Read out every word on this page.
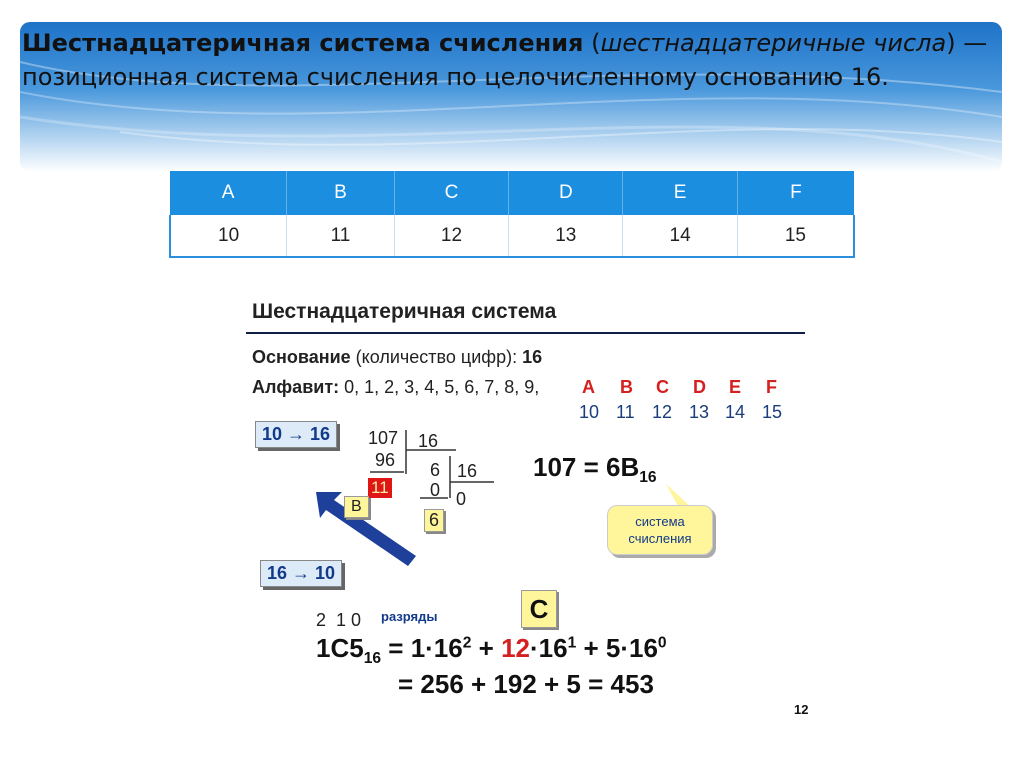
Шестнадцатеричная система счисления (шестнадцатеричные числа) — позиционная система счисления по целочисленному основанию 16.
A	B	C	D	E	F
10	11	12	13	14	15
Шестнадцатеричная система
Основание (количество цифр): 16
Алфавит: 0, 1, 2, 3, 4, 5, 6, 7, 8, 9, A B C D E F
10 11 12 13 14 15
10 → 16	107 16
96 6 16
11 0 0
6
B
$107 = 6B_{16}$
система
счисления
16 → 10
2  1 0 разряды	C
$1C5_{16} = 1\cdot 16^2 + 12\cdot 16^1 + 5\cdot 16^0$
= 256 + 192 + 5 = 453
12
